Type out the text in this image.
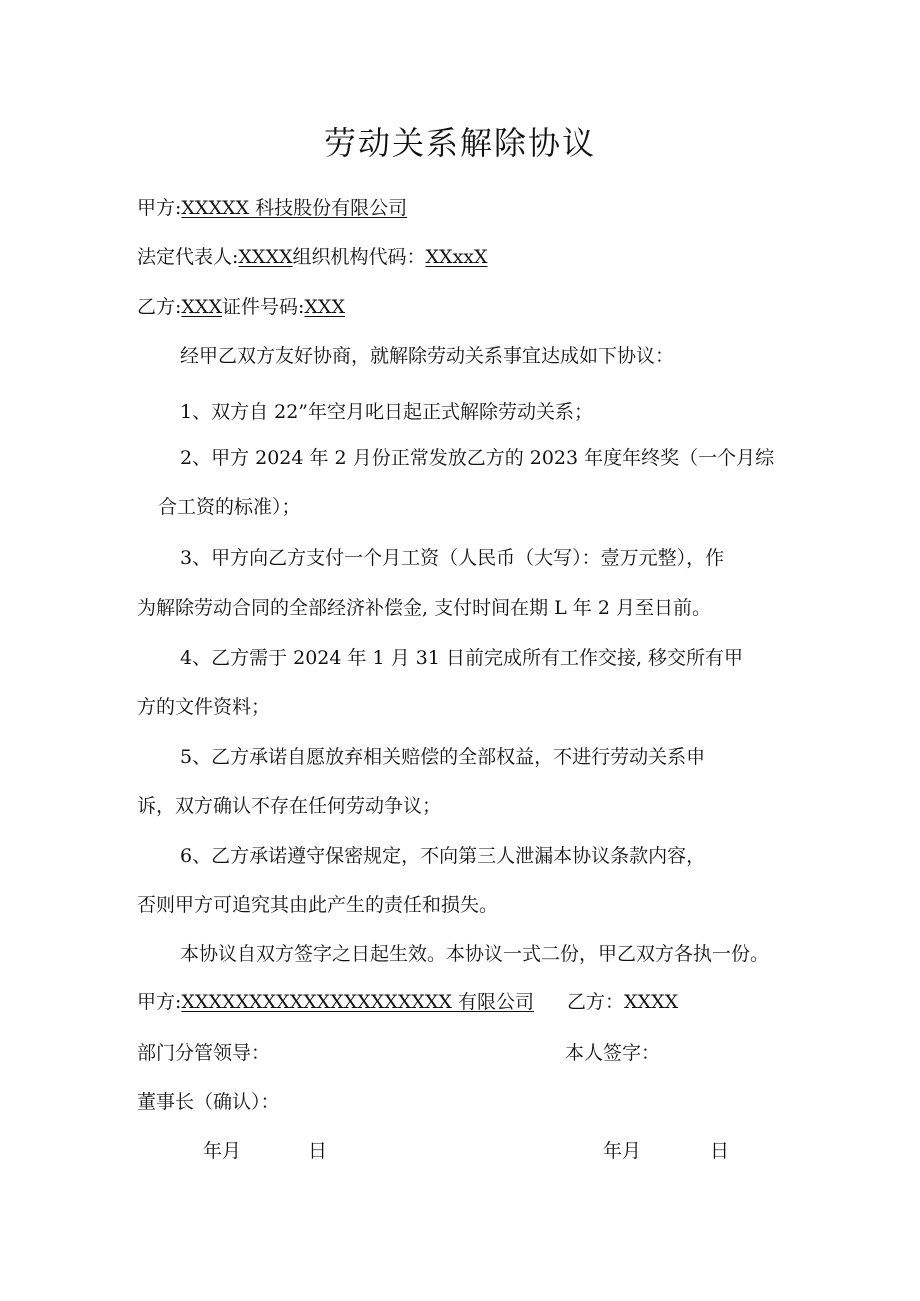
劳动关系解除协议
甲方:XXXXX 科技股份有限公司
法定代表人:XXXX组织机构代码：XXxxX
乙方:XXX证件号码:XXX
经甲乙双方友好协商，就解除劳动关系事宜达成如下协议：
1、双方自 22”年空月叱日起正式解除劳动关系；
2、甲方 2024 年 2 月份正常发放乙方的 2023 年度年终奖（一个月综
合工资的标准）；
3、甲方向乙方支付一个月工资（人民币（大写）：壹万元整），作
为解除劳动合同的全部经济补偿金, 支付时间在期 L 年 2 月至日前。
4、乙方需于 2024 年 1 月 31 日前完成所有工作交接, 移交所有甲
方的文件资料；
5、乙方承诺自愿放弃相关赔偿的全部权益，不进行劳动关系申
诉，双方确认不存在任何劳动争议；
6、乙方承诺遵守保密规定，不向第三人泄漏本协议条款内容，
否则甲方可追究其由此产生的责任和损失。
本协议自双方签字之日起生效。本协议一式二份，甲乙双方各执一份。
甲方:XXXXXXXXXXXXXXXXXXXX 有限公司 乙方：XXXX
部门分管领导：	本人签字：
董事长（确认）：
年月	日	年月	日
